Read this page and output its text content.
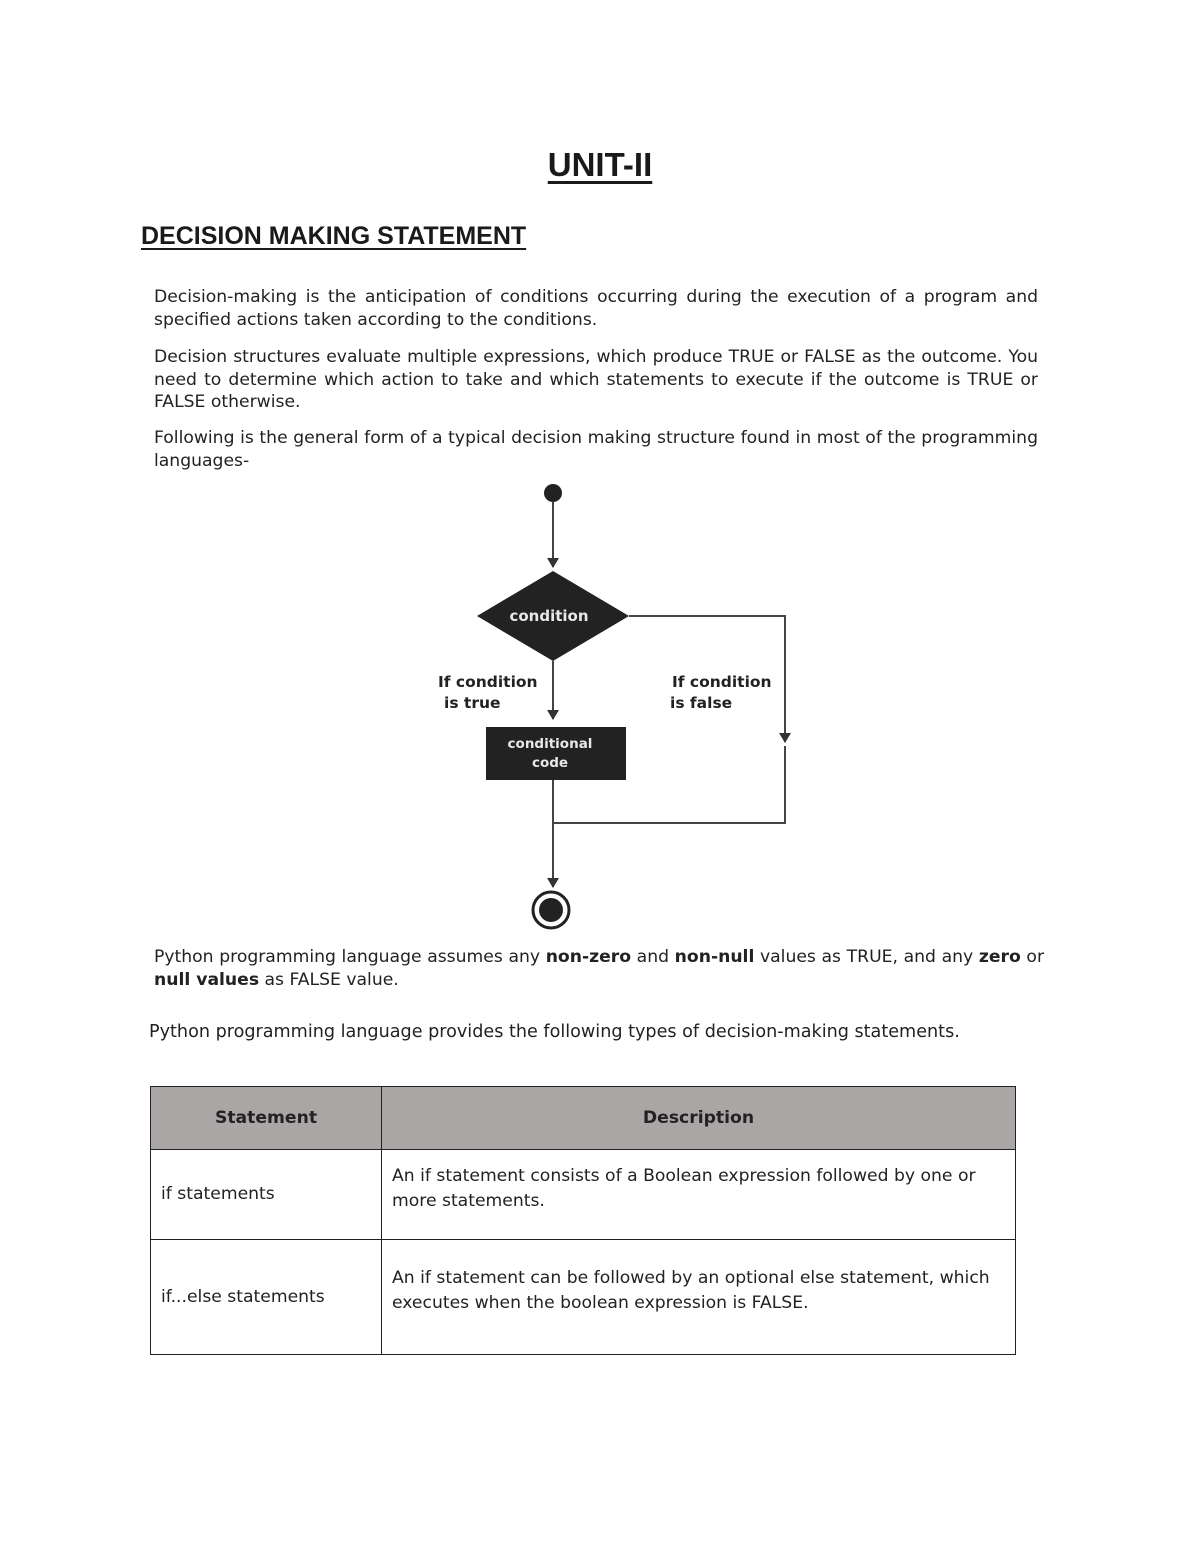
UNIT-II
DECISION MAKING STATEMENT
Decision-making is the anticipation of conditions occurring during the execution of a program and specified actions taken according to the conditions.
Decision structures evaluate multiple expressions, which produce TRUE or FALSE as the outcome. You need to determine which action to take and which statements to execute if the outcome is TRUE or FALSE otherwise.
Following is the general form of a typical decision making structure found in most of the programming languages-
condition
If condition
is true
conditional
code
If condition
is false
Python programming language assumes any non-zero and non-null values as TRUE, and any zero or null values as FALSE value.
Python programming language provides the following types of decision-making statements.
Statement	Description
if statements	An if statement consists of a Boolean expression followed by one or more statements.

if...else statements	An if statement can be followed by an optional else statement, which executes when the boolean expression is FALSE.
